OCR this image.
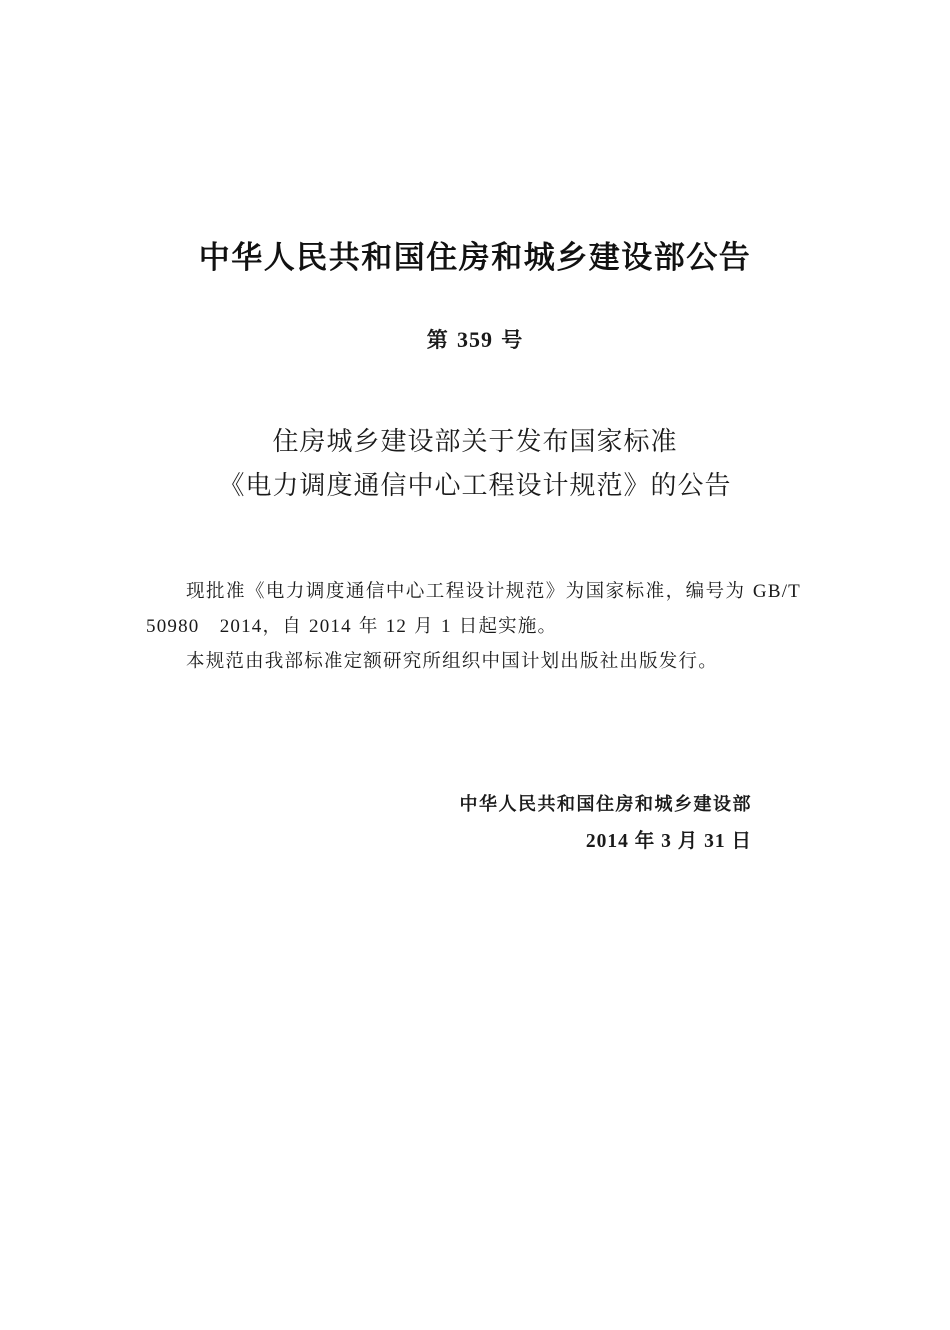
中华人民共和国住房和城乡建设部公告
第 359 号
住房城乡建设部关于发布国家标准
《电力调度通信中心工程设计规范》的公告

现批准《电力调度通信中心工程设计规范》为国家标准，编号为 GB/T 50980　2014，自 2014 年 12 月 1 日起实施。

本规范由我部标准定额研究所组织中国计划出版社出版发行。

中华人民共和国住房和城乡建设部
2014 年 3 月 31 日
